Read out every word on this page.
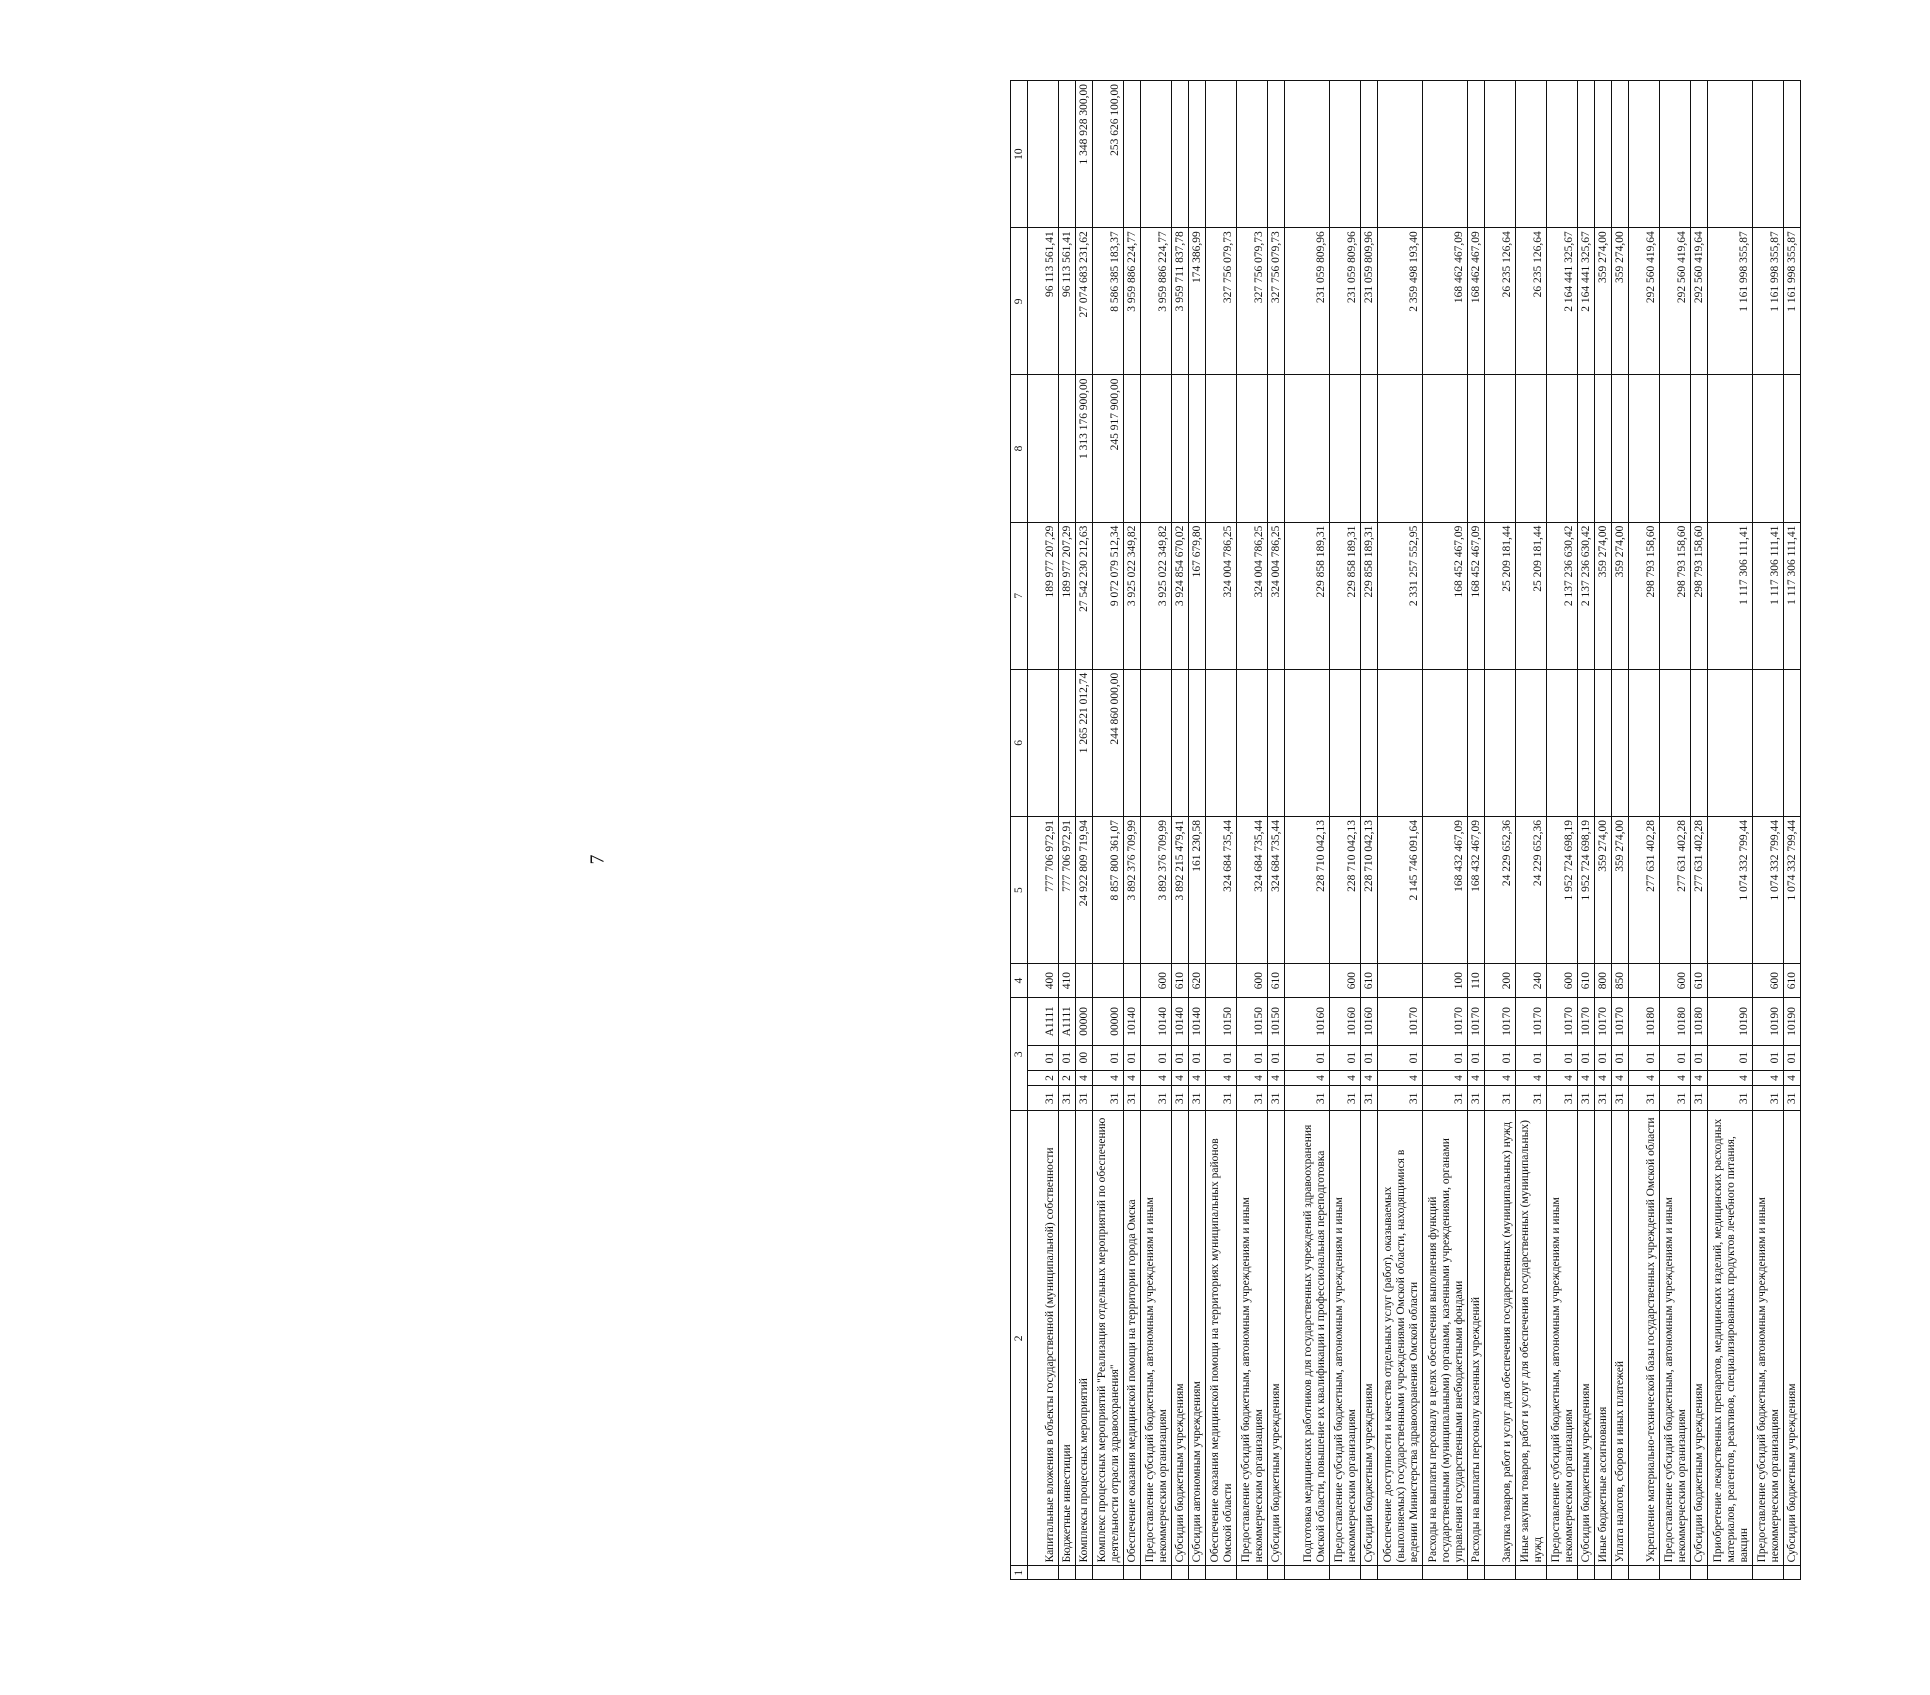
7
1	2	3				4	5	6	7	8	9	10
	Капитальные вложения в объекты государственной (муниципальной) собственности	31	2	01	А1111	400	777 706 972,91		189 977 207,29		96 113 561,41	
	Бюджетные инвестиции	31	2	01	А1111	410	777 706 972,91		189 977 207,29		96 113 561,41	
	Комплексы процессных мероприятий	31	4	00	00000		24 922 809 719,94	1 265 221 012,74	27 542 230 212,63	1 313 176 900,00	27 074 683 231,62	1 348 928 300,00
	Комплекс процессных мероприятий "Реализация отдельных мероприятий по обеспечению деятельности отрасли здравоохранения"	31	4	01	00000		8 857 800 361,07	244 860 000,00	9 072 079 512,34	245 917 900,00	8 586 385 183,37	253 626 100,00
	Обеспечение оказания медицинской помощи на территории города Омска	31	4	01	10140		3 892 376 709,99		3 925 022 349,82		3 959 886 224,77	
	Предоставление субсидий бюджетным, автономным учреждениям и иным некоммерческим организациям	31	4	01	10140	600	3 892 376 709,99		3 925 022 349,82		3 959 886 224,77	
	Субсидии бюджетным учреждениям	31	4	01	10140	610	3 892 215 479,41		3 924 854 670,02		3 959 711 837,78	
	Субсидии автономным учреждениям	31	4	01	10140	620	161 230,58		167 679,80		174 386,99	
	Обеспечение оказания медицинской помощи на территориях муниципальных районов Омской области	31	4	01	10150		324 684 735,44		324 004 786,25		327 756 079,73	
	Предоставление субсидий бюджетным, автономным учреждениям и иным некоммерческим организациям	31	4	01	10150	600	324 684 735,44		324 004 786,25		327 756 079,73	
	Субсидии бюджетным учреждениям	31	4	01	10150	610	324 684 735,44		324 004 786,25		327 756 079,73	
	Подготовка медицинских работников для государственных учреждений здравоохранения Омской области, повышение их квалификации и профессиональная переподготовка	31	4	01	10160		228 710 042,13		229 858 189,31		231 059 809,96	
	Предоставление субсидий бюджетным, автономным учреждениям и иным некоммерческим организациям	31	4	01	10160	600	228 710 042,13		229 858 189,31		231 059 809,96	
	Субсидии бюджетным учреждениям	31	4	01	10160	610	228 710 042,13		229 858 189,31		231 059 809,96	
	Обеспечение доступности и качества отдельных услуг (работ), оказываемых (выполняемых) государственными учреждениями Омской области, находящимися в ведении Министерства здравоохранения Омской области	31	4	01	10170		2 145 746 091,64		2 331 257 552,95		2 359 498 193,40	
	Расходы на выплаты персоналу в целях обеспечения выполнения функций государственными (муниципальными) органами, казенными учреждениями, органами управления государственными внебюджетными фондами	31	4	01	10170	100	168 432 467,09		168 452 467,09		168 462 467,09	
	Расходы на выплаты персоналу казенных учреждений	31	4	01	10170	110	168 432 467,09		168 452 467,09		168 462 467,09	
	Закупка товаров, работ и услуг для обеспечения государственных (муниципальных) нужд	31	4	01	10170	200	24 229 652,36		25 209 181,44		26 235 126,64	
	Иные закупки товаров, работ и услуг для обеспечения государственных (муниципальных) нужд	31	4	01	10170	240	24 229 652,36		25 209 181,44		26 235 126,64	
	Предоставление субсидий бюджетным, автономным учреждениям и иным некоммерческим организациям	31	4	01	10170	600	1 952 724 698,19		2 137 236 630,42		2 164 441 325,67	
	Субсидии бюджетным учреждениям	31	4	01	10170	610	1 952 724 698,19		2 137 236 630,42		2 164 441 325,67	
	Иные бюджетные ассигнования	31	4	01	10170	800	359 274,00		359 274,00		359 274,00	
	Уплата налогов, сборов и иных платежей	31	4	01	10170	850	359 274,00		359 274,00		359 274,00	
	Укрепление материально-технической базы государственных учреждений Омской области	31	4	01	10180		277 631 402,28		298 793 158,60		292 560 419,64	
	Предоставление субсидий бюджетным, автономным учреждениям и иным некоммерческим организациям	31	4	01	10180	600	277 631 402,28		298 793 158,60		292 560 419,64	
	Субсидии бюджетным учреждениям	31	4	01	10180	610	277 631 402,28		298 793 158,60		292 560 419,64	
	Приобретение лекарственных препаратов, медицинских изделий, медицинских расходных материалов, реагентов, реактивов, специализированных продуктов лечебного питания, вакцин	31	4	01	10190		1 074 332 799,44		1 117 306 111,41		1 161 998 355,87	
	Предоставление субсидий бюджетным, автономным учреждениям и иным некоммерческим организациям	31	4	01	10190	600	1 074 332 799,44		1 117 306 111,41		1 161 998 355,87	
	Субсидии бюджетным учреждениям	31	4	01	10190	610	1 074 332 799,44		1 117 306 111,41		1 161 998 355,87	
